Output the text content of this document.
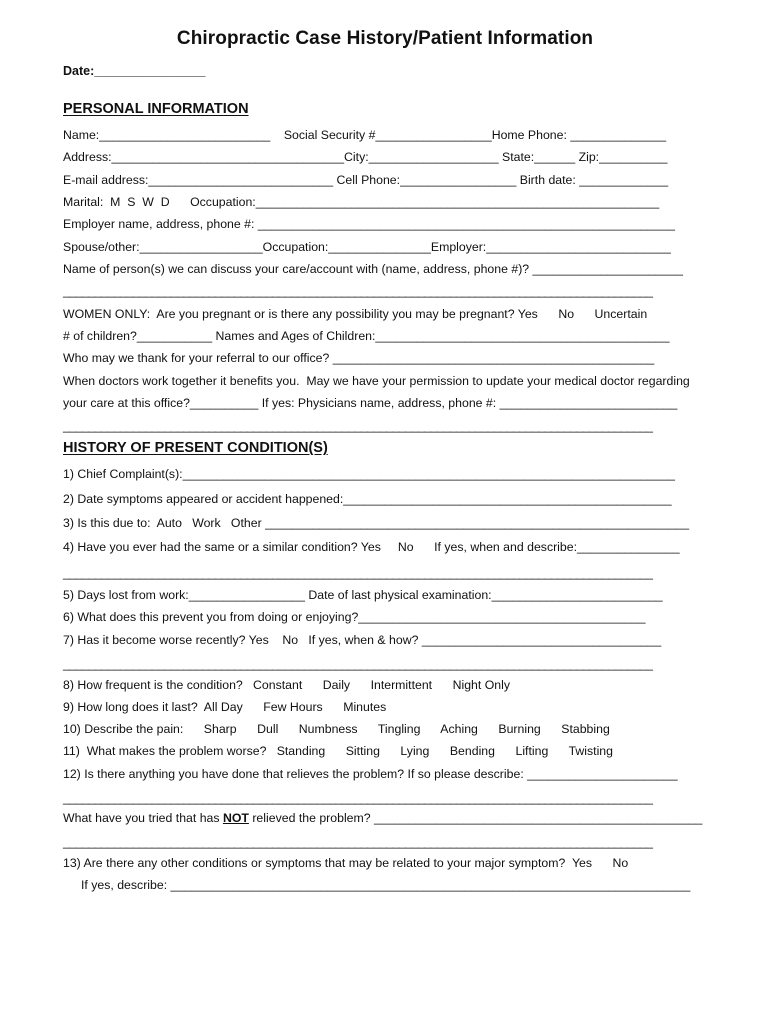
Chiropractic Case History/Patient Information
Date:________________
PERSONAL INFORMATION
Name:_________________________    Social Security #_________________Home Phone: ______________
Address:__________________________________City:___________________ State:______ Zip:__________
E-mail address:___________________________ Cell Phone:_________________ Birth date: _____________
Marital:  M  S  W  D      Occupation:___________________________________________________________
Employer name, address, phone #: _____________________________________________________________
Spouse/other:__________________Occupation:_______________Employer:___________________________
Name of person(s) we can discuss your care/account with (name, address, phone #)? ______________________
_____________________________________________________________________________________________
WOMEN ONLY:  Are you pregnant or is there any possibility you may be pregnant? Yes      No      Uncertain
# of children?___________ Names and Ages of Children:___________________________________________
Who may we thank for your referral to our office? _______________________________________________
When doctors work together it benefits you.  May we have your permission to update your medical doctor regarding
your care at this office?__________ If yes: Physicians name, address, phone #: __________________________
_____________________________________________________________________________________________
HISTORY OF PRESENT CONDITION(S)
1) Chief Complaint(s):________________________________________________________________________
2) Date symptoms appeared or accident happened:________________________________________________
3) Is this due to:  Auto   Work   Other ______________________________________________________________
4) Have you ever had the same or a similar condition? Yes     No      If yes, when and describe:_______________
_____________________________________________________________________________________________
5) Days lost from work:_________________ Date of last physical examination:_________________________
6) What does this prevent you from doing or enjoying?__________________________________________
7) Has it become worse recently? Yes    No   If yes, when & how? ___________________________________
_____________________________________________________________________________________________
8) How frequent is the condition?   Constant      Daily      Intermittent      Night Only
9) How long does it last?  All Day      Few Hours      Minutes
10) Describe the pain:      Sharp      Dull      Numbness      Tingling      Aching      Burning      Stabbing
11)  What makes the problem worse?   Standing      Sitting      Lying      Bending      Lifting      Twisting
12) Is there anything you have done that relieves the problem? If so please describe: ______________________
_____________________________________________________________________________________________
What have you tried that has NOT relieved the problem? ________________________________________________
_____________________________________________________________________________________________
13) Are there any other conditions or symptoms that may be related to your major symptom?  Yes      No
If yes, describe: ____________________________________________________________________________
